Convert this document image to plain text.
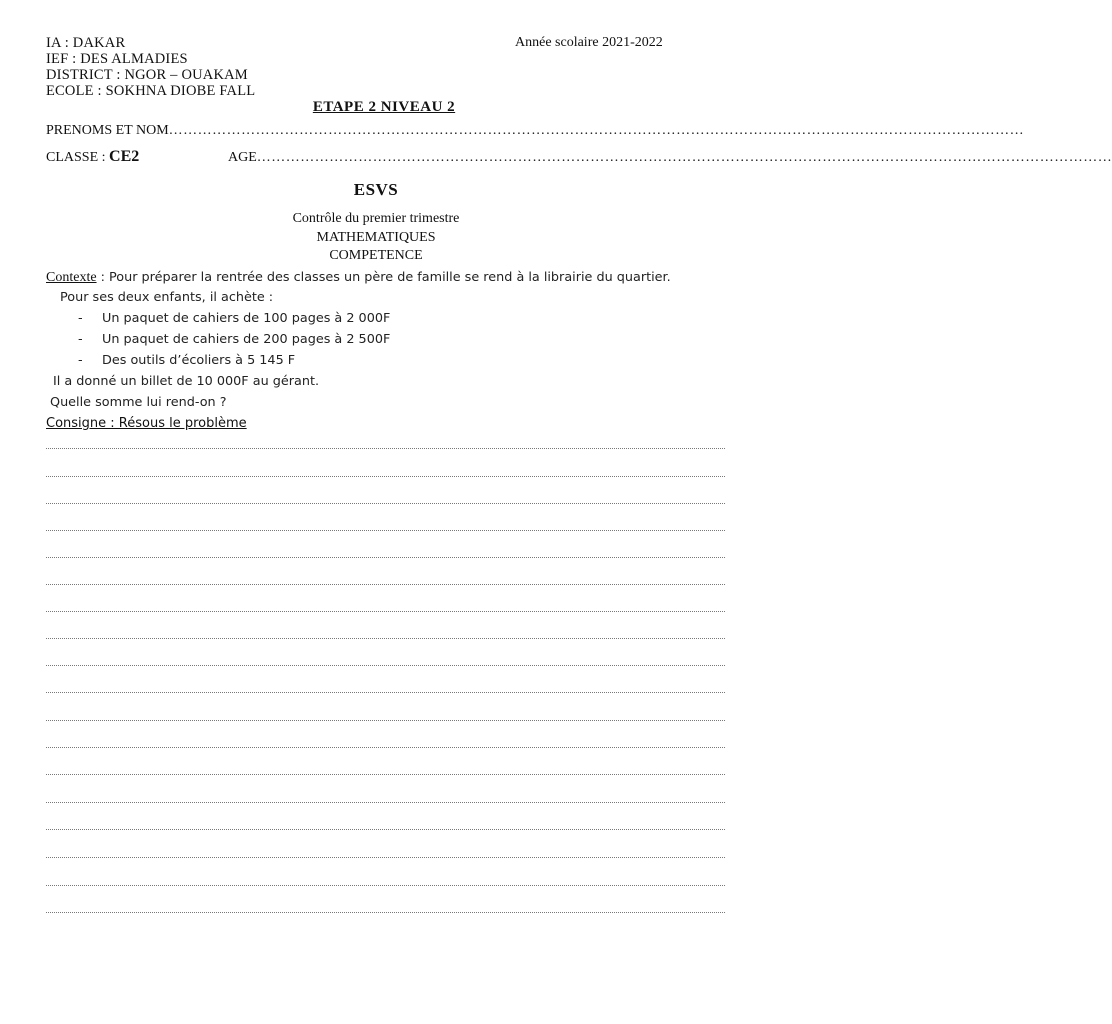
IA : DAKAR
IEF : DES ALMADIES
DISTRICT : NGOR – OUAKAM
ECOLE : SOKHNA DIOBE FALL
Année scolaire 2021-2022
ETAPE 2 NIVEAU 2
PRENOMS ET NOM ……………………………………………………………………………………………………………………………………………………………
CLASSE : CE2	AGE ……………………………………………………………………………………………………………………………………………………………
ESVS
Contrôle du premier trimestre
MATHEMATIQUES
COMPETENCE
Contexte : Pour préparer la rentrée des classes un père de famille se rend à la librairie du quartier.
Pour ses deux enfants, il achète :
- Un paquet de cahiers de 100 pages à 2 000F
- Un paquet de cahiers de 200 pages à 2 500F
- Des outils d’écoliers à 5 145 F
Il a donné un billet de 10 000F au gérant.
Quelle somme lui rend-on ?
Consigne : Résous le problème
